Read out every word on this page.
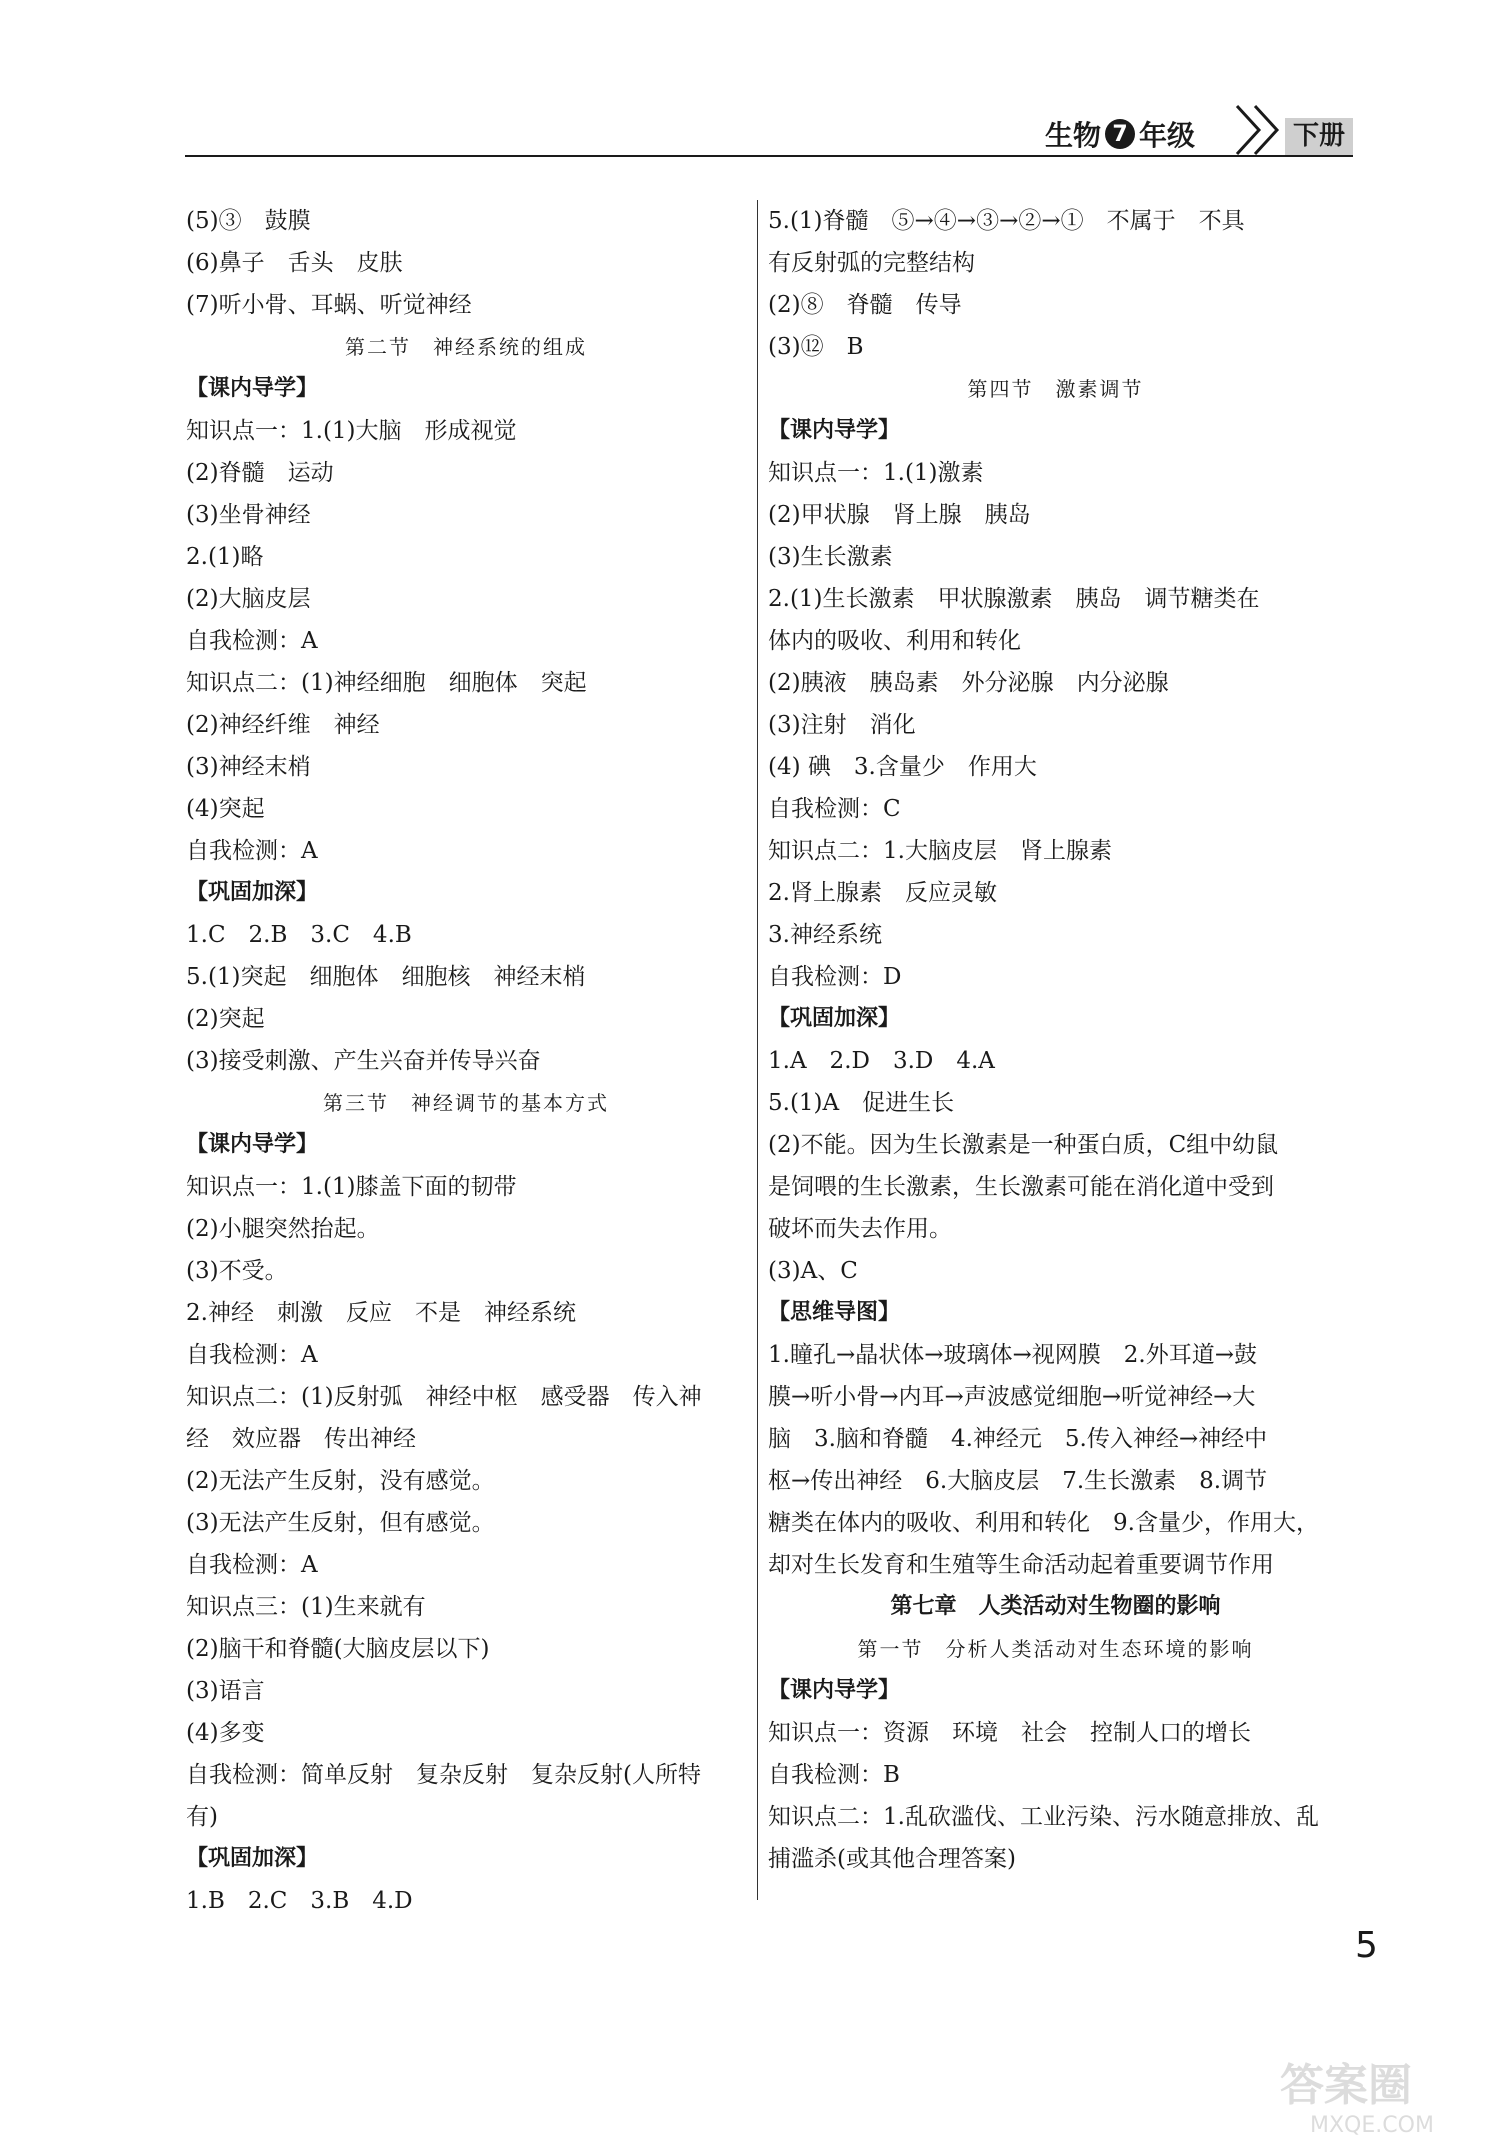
生物 7 年级	下册
(5)③　鼓膜
(6)鼻子　舌头　皮肤
(7)听小骨、耳蜗、听觉神经
第二节　神经系统的组成
【课内导学】
知识点一：1.(1)大脑　形成视觉
(2)脊髓　运动
(3)坐骨神经
2.(1)略
(2)大脑皮层
自我检测：A
知识点二：(1)神经细胞　细胞体　突起
(2)神经纤维　神经
(3)神经末梢
(4)突起
自我检测：A
【巩固加深】
1.C　2.B　3.C　4.B
5.(1)突起　细胞体　细胞核　神经末梢
(2)突起
(3)接受刺激、产生兴奋并传导兴奋
第三节　神经调节的基本方式
【课内导学】
知识点一：1.(1)膝盖下面的韧带
(2)小腿突然抬起。
(3)不受。
2.神经　刺激　反应　不是　神经系统
自我检测：A
知识点二：(1)反射弧　神经中枢　感受器　传入神
经　效应器　传出神经
(2)无法产生反射，没有感觉。
(3)无法产生反射，但有感觉。
自我检测：A
知识点三：(1)生来就有
(2)脑干和脊髓(大脑皮层以下)
(3)语言
(4)多变
自我检测：简单反射　复杂反射　复杂反射(人所特
有)
【巩固加深】
1.B　2.C　3.B　4.D
5.(1)脊髓　⑤→④→③→②→①　不属于　不具
有反射弧的完整结构
(2)⑧　脊髓　传导
(3)⑫　B
第四节　激素调节
【课内导学】
知识点一：1.(1)激素
(2)甲状腺　肾上腺　胰岛
(3)生长激素
2.(1)生长激素　甲状腺激素　胰岛　调节糖类在
体内的吸收、利用和转化
(2)胰液　胰岛素　外分泌腺　内分泌腺
(3)注射　消化
(4) 碘　3.含量少　作用大
自我检测：C
知识点二：1.大脑皮层　肾上腺素
2.肾上腺素　反应灵敏
3.神经系统
自我检测：D
【巩固加深】
1.A　2.D　3.D　4.A
5.(1)A　促进生长
(2)不能。因为生长激素是一种蛋白质，C组中幼鼠
是饲喂的生长激素，生长激素可能在消化道中受到
破坏而失去作用。
(3)A、C
【思维导图】
1.瞳孔→晶状体→玻璃体→视网膜　2.外耳道→鼓
膜→听小骨→内耳→声波感觉细胞→听觉神经→大
脑　3.脑和脊髓　4.神经元　5.传入神经→神经中
枢→传出神经　6.大脑皮层　7.生长激素　8.调节
糖类在体内的吸收、利用和转化　9.含量少，作用大，
却对生长发育和生殖等生命活动起着重要调节作用
第七章　人类活动对生物圈的影响
第一节　分析人类活动对生态环境的影响
【课内导学】
知识点一：资源　环境　社会　控制人口的增长
自我检测：B
知识点二：1.乱砍滥伐、工业污染、污水随意排放、乱
捕滥杀(或其他合理答案)
5
答案圈
MXQE.COM
